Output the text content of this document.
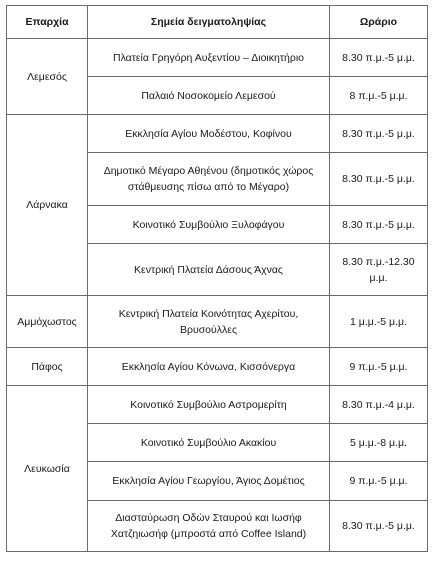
Επαρχία	Σημεία δειγματοληψίας	Ωράριο
Λεμεσός	Πλατεία Γρηγόρη Αυξεντίου – Διοικητήριο	8.30 π.μ.-5 μ.μ.
	Παλαιό Νοσοκομείο Λεμεσού	8 π.μ.-5 μ.μ.
Λάρνακα	Εκκλησία Αγίου Μοδέστου, Κοφίνου	8.30 π.μ.-5 μ.μ.
	Δημοτικό Μέγαρο Αθηένου (δημοτικός χώρος στάθμευσης πίσω από το Μέγαρο)	8.30 π.μ.-5 μ.μ.
	Κοινοτικό Συμβούλιο Ξυλοφάγου	8.30 π.μ.-5 μ.μ.
	Κεντρική Πλατεία Δάσους Άχνας	8.30 π.μ.-12.30 μ.μ.
Αμμόχωστος	Κεντρική Πλατεία Κοινότητας Αχερίτου, Βρυσούλλες	1 μ.μ.-5 μ.μ.
Πάφος	Εκκλησία Αγίου Κόνωνα, Κισσόνεργα	9 π.μ.-5 μ.μ.
Λευκωσία	Κοινοτικό Συμβούλιο Αστρομερίτη	8.30 π.μ.-4 μ.μ.
	Κοινοτικό Συμβούλιο Ακακίου	5 μ.μ.-8 μ.μ.
	Εκκλησία Αγίου Γεωργίου, Άγιος Δομέτιος	9 π.μ.-5 μ.μ.
	Διασταύρωση Οδών Σταυρού και Ιωσήφ Χατζηιωσήφ (μπροστά από Coffee Island)	8.30 π.μ.-5 μ.μ.
